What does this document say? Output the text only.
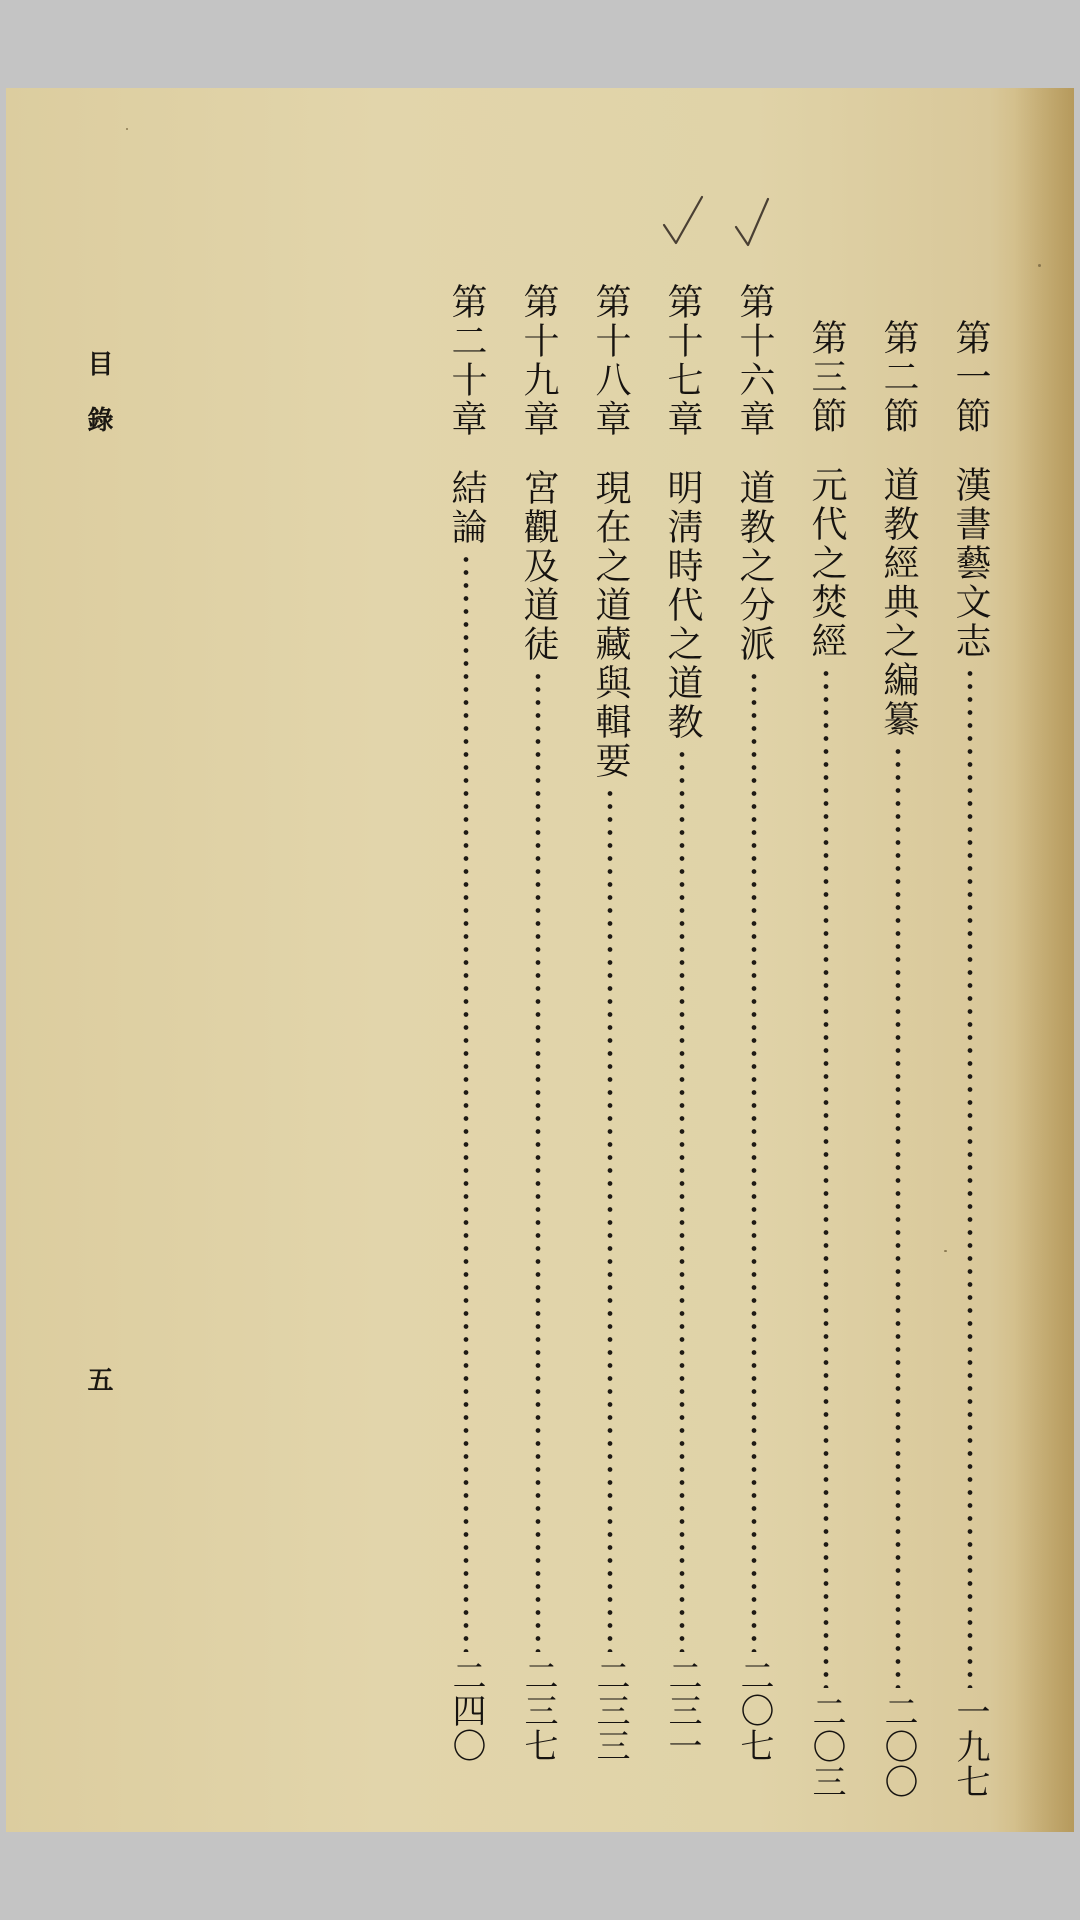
第一節
漢書藝文志
一九七
第二節
道教經典之編纂
二〇〇
第三節
元代之焚經
二〇三
第十六章
道教之分派
二〇七
第十七章
明淸時代之道教
二三一
第十八章
現在之道藏與輯要
二三三
第十九章
宮觀及道徒
二三七
第二十章
結論
二四〇
目錄
五
